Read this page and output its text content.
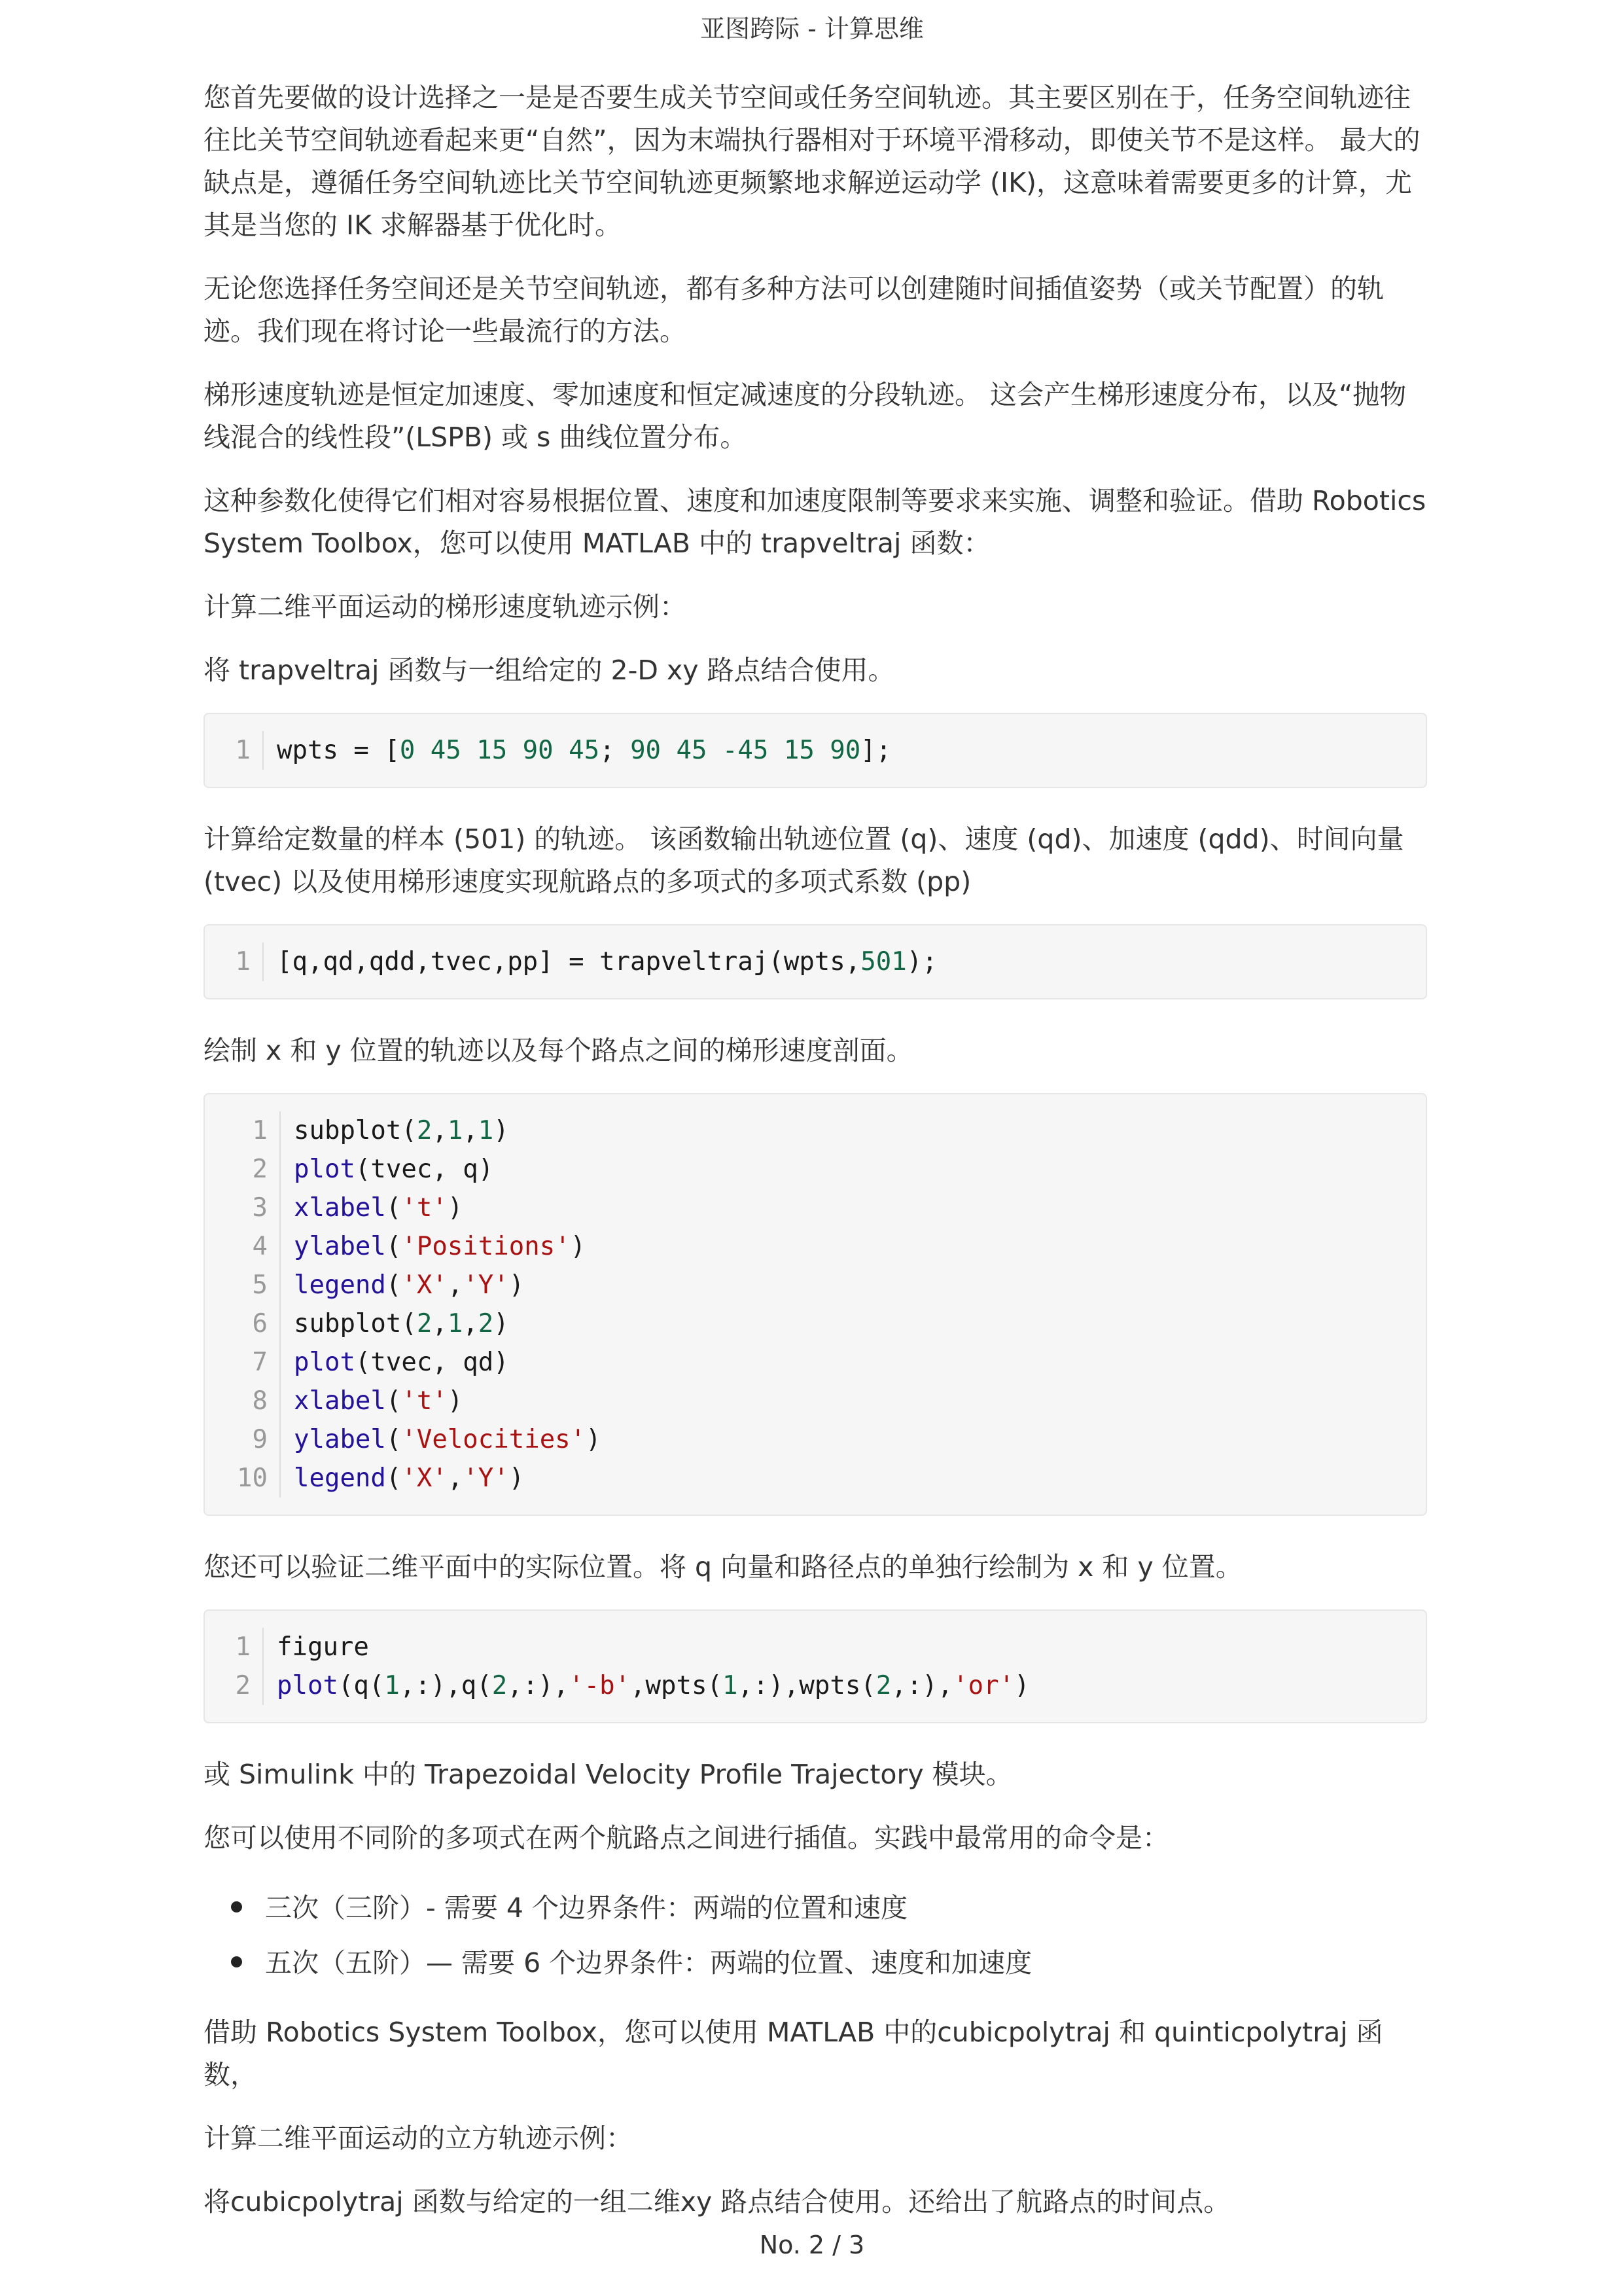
亚图跨际 - 计算思维

您首先要做的设计选择之一是是否要生成关节空间或任务空间轨迹。其主要区别在于，任务空间轨迹往往比关节空间轨迹看起来更“自然”，因为末端执行器相对于环境平滑移动，即使关节不是这样。 最大的缺点是，遵循任务空间轨迹比关节空间轨迹更频繁地求解逆运动学 (IK)，这意味着需要更多的计算，尤其是当您的 IK 求解器基于优化时。

无论您选择任务空间还是关节空间轨迹，都有多种方法可以创建随时间插值姿势（或关节配置）的轨迹。我们现在将讨论一些最流行的方法。

梯形速度轨迹是恒定加速度、零加速度和恒定减速度的分段轨迹。 这会产生梯形速度分布，以及“抛物线混合的线性段”(LSPB) 或 s 曲线位置分布。

这种参数化使得它们相对容易根据位置、速度和加速度限制等要求来实施、调整和验证。借助 Robotics System Toolbox，您可以使用 MATLAB 中的 trapveltraj 函数：

计算二维平面运动的梯形速度轨迹示例：

将 trapveltraj 函数与一组给定的 2-D xy 路点结合使用。

1	wpts = [0 45 15 90 45; 90 45 -45 15 90];

计算给定数量的样本 (501) 的轨迹。 该函数输出轨迹位置 (q)、速度 (qd)、加速度 (qdd)、时间向量 (tvec) 以及使用梯形速度实现航路点的多项式的多项式系数 (pp)

1	[q,qd,qdd,tvec,pp] = trapveltraj(wpts,501);

绘制 x 和 y 位置的轨迹以及每个路点之间的梯形速度剖面。

1	subplot(2,1,1)
2	plot(tvec, q)
3	xlabel('t')
4	ylabel('Positions')
5	legend('X','Y')
6	subplot(2,1,2)
7	plot(tvec, qd)
8	xlabel('t')
9	ylabel('Velocities')
10	legend('X','Y')

您还可以验证二维平面中的实际位置。将 q 向量和路径点的单独行绘制为 x 和 y 位置。

1	figure
2	plot(q(1,:),q(2,:),'-b',wpts(1,:),wpts(2,:),'or')

或 Simulink 中的 Trapezoidal Velocity Profile Trajectory 模块。

您可以使用不同阶的多项式在两个航路点之间进行插值。实践中最常用的命令是：

三次（三阶）- 需要 4 个边界条件：两端的位置和速度
五次（五阶）— 需要 6 个边界条件：两端的位置、速度和加速度

借助 Robotics System Toolbox，您可以使用 MATLAB 中的cubicpolytraj 和 quinticpolytraj 函数，

计算二维平面运动的立方轨迹示例：

将cubicpolytraj 函数与给定的一组二维xy 路点结合使用。还给出了航路点的时间点。

No. 2 / 3
